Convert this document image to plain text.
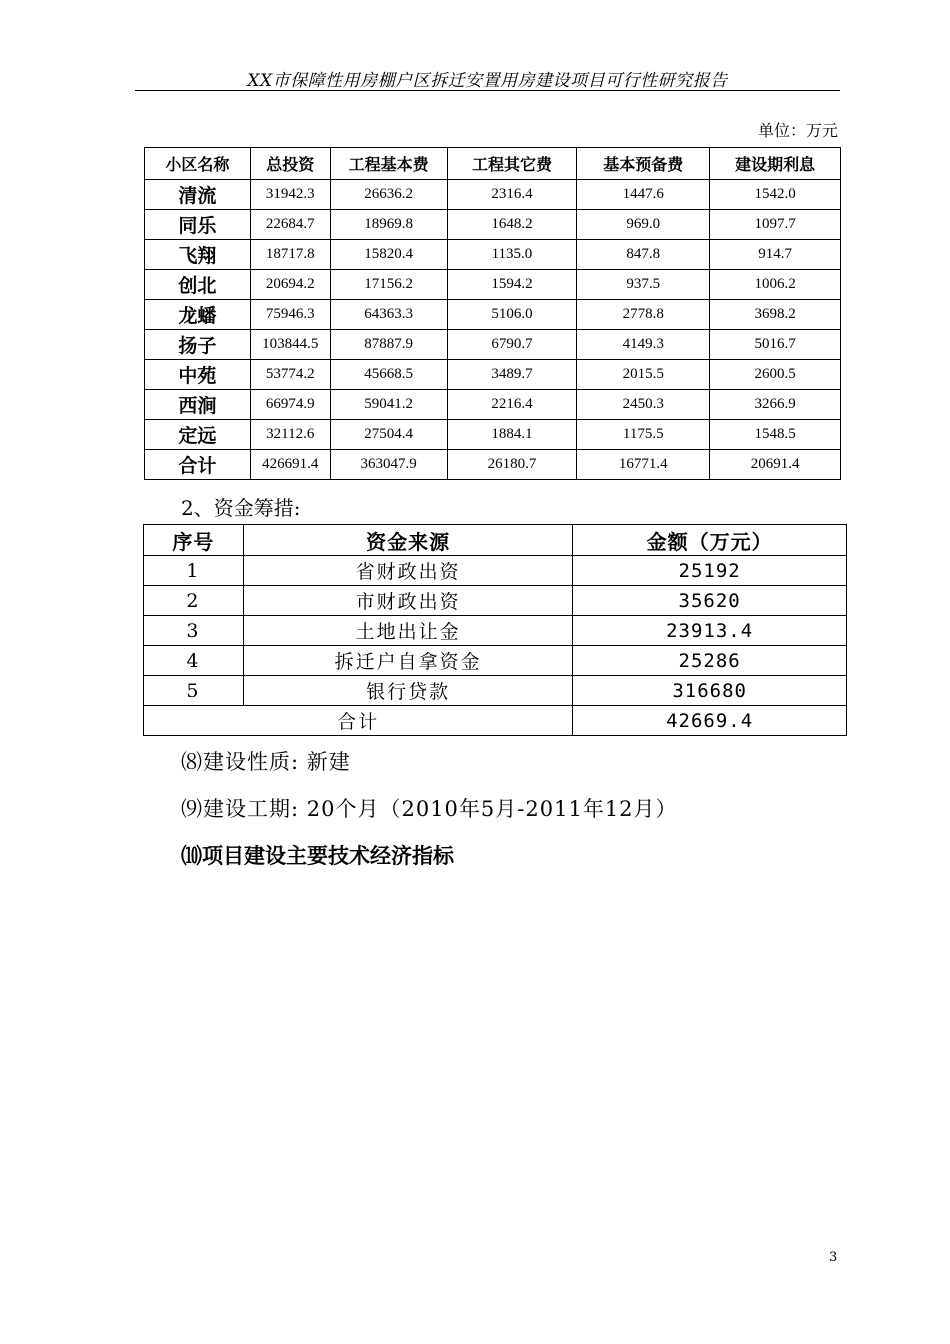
XX市保障性用房棚户区拆迁安置用房建设项目可行性研究报告
单位：万元
小区名称	总投资	工程基本费	工程其它费	基本预备费	建设期利息
清流	31942.3	26636.2	2316.4	1447.6	1542.0
同乐	22684.7	18969.8	1648.2	969.0	1097.7
飞翔	18717.8	15820.4	1135.0	847.8	914.7
创北	20694.2	17156.2	1594.2	937.5	1006.2
龙蟠	75946.3	64363.3	5106.0	2778.8	3698.2
扬子	103844.5	87887.9	6790.7	4149.3	5016.7
中苑	53774.2	45668.5	3489.7	2015.5	2600.5
西涧	66974.9	59041.2	2216.4	2450.3	3266.9
定远	32112.6	27504.4	1884.1	1175.5	1548.5
合计	426691.4	363047.9	26180.7	16771.4	20691.4
2、资金筹措:
序号	资金来源	金额（万元）
1	省财政出资	25192
2	市财政出资	35620
3	土地出让金	23913.4
4	拆迁户自拿资金	25286
5	银行贷款	316680
合计		42669.4
⑻建设性质: 新建
⑼建设工期: 20个月（2010年5月-2011年12月）
⑽项目建设主要技术经济指标
3
